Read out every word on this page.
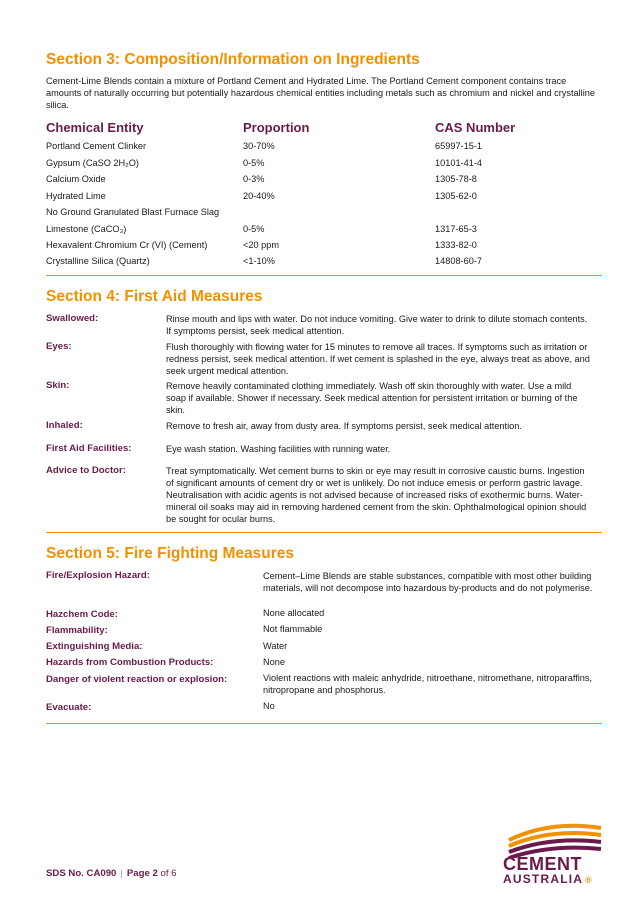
Section 3: Composition/Information on Ingredients
Cement-Lime Blends contain a mixture of Portland Cement and Hydrated Lime. The Portland Cement component contains trace amounts of naturally occurring but potentially hazardous chemical entities including metals such as chromium and nickel and crystalline silica.
Chemical Entity	Proportion	CAS Number
Portland Cement Clinker	30-70%	65997-15-1
Gypsum (CaSO 2H₂O)	0-5%	10101-41-4
Calcium Oxide	0-3%	1305-78-8
Hydrated Lime	20-40%	1305-62-0
No Ground Granulated Blast Furnace Slag
Limestone (CaCO₃)	0-5%	1317-65-3
Hexavalent Chromium Cr (VI) (Cement)	<20 ppm	1333-82-0
Crystalline Silica (Quartz)	<1-10%	14808-60-7
Section 4: First Aid Measures
Swallowed:	Rinse mouth and lips with water. Do not induce vomiting. Give water to drink to dilute stomach contents. If symptoms persist, seek medical attention.
Eyes:	Flush thoroughly with flowing water for 15 minutes to remove all traces. If symptoms such as irritation or redness persist, seek medical attention. If wet cement is splashed in the eye, always treat as above, and seek urgent medical attention.
Skin:	Remove heavily contaminated clothing immediately. Wash off skin thoroughly with water. Use a mild soap if available. Shower if necessary. Seek medical attention for persistent irritation or burning of the skin.
Inhaled:	Remove to fresh air, away from dusty area. If symptoms persist, seek medical attention.
First Aid Facilities:	Eye wash station. Washing facilities with running water.
Advice to Doctor:	Treat symptomatically. Wet cement burns to skin or eye may result in corrosive caustic burns. Ingestion of significant amounts of cement dry or wet is unlikely. Do not induce emesis or perform gastric lavage. Neutralisation with acidic agents is not advised because of increased risks of exothermic burns. Water-mineral oil soaks may aid in removing hardened cement from the skin. Ophthalmological opinion should be sought for ocular burns.
Section 5: Fire Fighting Measures
Fire/Explosion Hazard:	Cement–Lime Blends are stable substances, compatible with most other building materials, will not decompose into hazardous by-products and do not polymerise.
Hazchem Code:	None allocated
Flammability:	Not flammable
Extinguishing Media:	Water
Hazards from Combustion Products:	None
Danger of violent reaction or explosion:	Violent reactions with maleic anhydride, nitroethane, nitromethane, nitroparaffins, nitropropane and phosphorus.
Evacuate:	No
SDS No. CA090 | Page 2 of 6	CEMENT
AUSTRALIA ®
